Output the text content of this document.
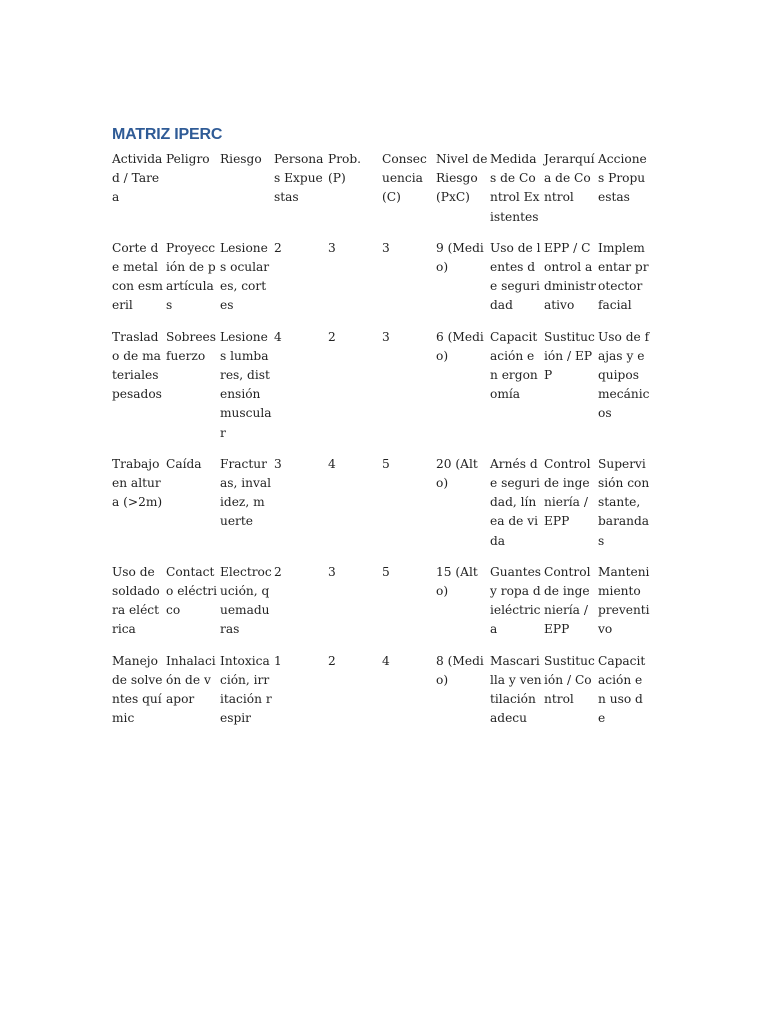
MATRIZ IPERC
Actividad / Tarea	Peligro	Riesgo	Personas Expuestas	Prob. (P)	Consecuencia (C)	Nivel de Riesgo (PxC)	Medidas de Control Existentes	Jerarquía de Control	Acciones Propuestas
Corte de metal con esmeril	Proyección de partículas	Lesiones oculares, cortes	2	3	3	9 (Medio)	Uso de lentes de seguridad	EPP / Control administrativo	Implementar protector facial
Traslado de materiales pesados	Sobreesfuerzo	Lesiones lumbares, distensión muscular	4	2	3	6 (Medio)	Capacitación en ergonomía	Sustitución / EPP	Uso de fajas y equipos mecánicos
Trabajo en altura (>2m)	Caída	Fracturas, invalidez, muerte	3	4	5	20 (Alto)	Arnés de seguridad, línea de vida	Control de ingeniería / EPP	Supervisión constante, barandas
Uso de soldadora eléctrica	Contacto eléctrico	Electrocución, quemaduras	2	3	5	15 (Alto)	Guantes y ropa dieléctrica	Control de ingeniería / EPP	Mantenimiento preventivo
Manejo de solventes químic	Inhalación de vapor	Intoxicación, irritación respir	1	2	4	8 (Medio)	Mascarilla y ventilación adecu	Sustitución / Control	Capacitación en uso de
